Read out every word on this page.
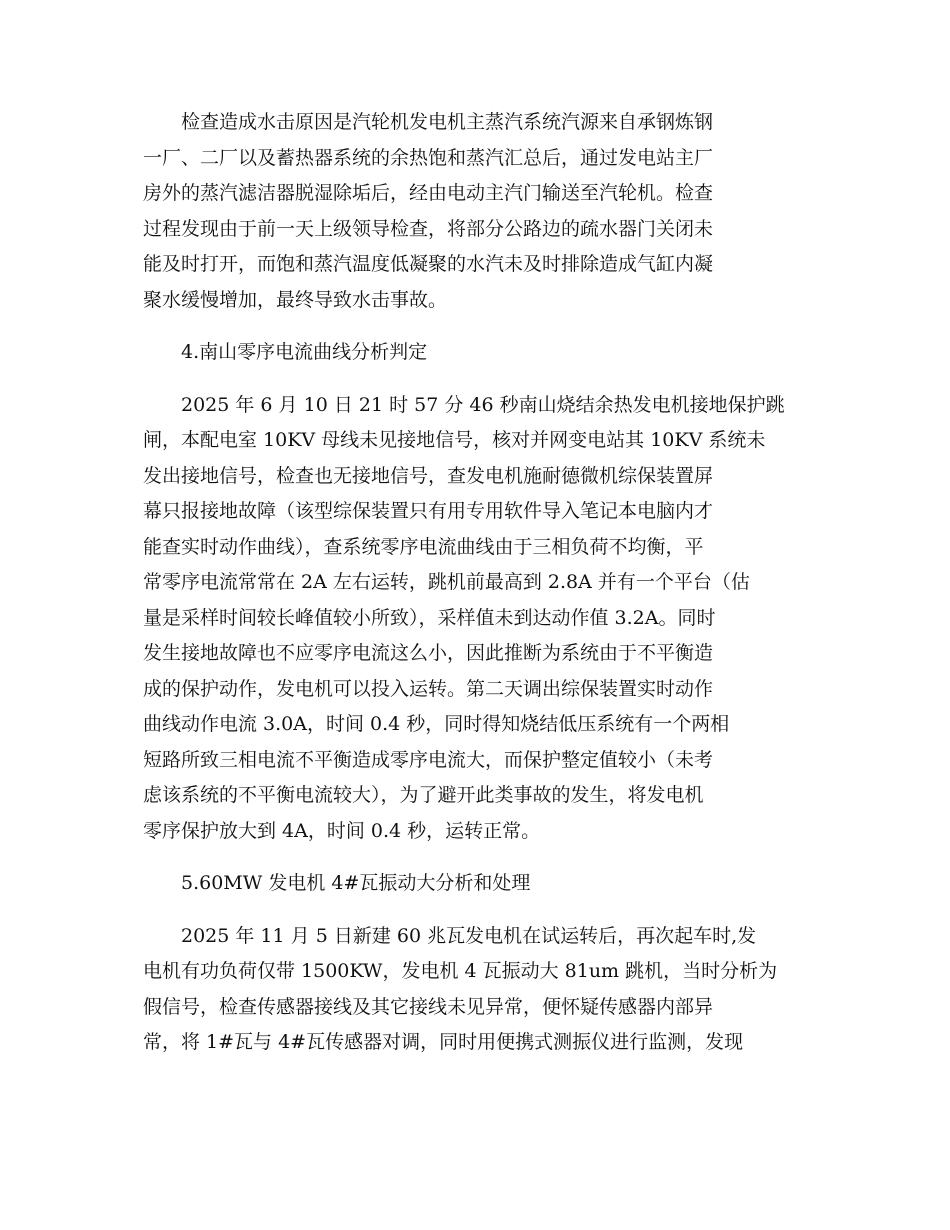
　　检查造成水击原因是汽轮机发电机主蒸汽系统汽源来自承钢炼钢

一厂、二厂以及蓄热器系统的余热饱和蒸汽汇总后，通过发电站主厂

房外的蒸汽滤洁器脱湿除垢后，经由电动主汽门输送至汽轮机。检查

过程发现由于前一天上级领导检查，将部分公路边的疏水器门关闭未

能及时打开，而饱和蒸汽温度低凝聚的水汽未及时排除造成气缸内凝

聚水缓慢增加，最终导致水击事故。

　　4.南山零序电流曲线分析判定

　　2025 年 6 月 10 日 21 时 57 分 46 秒南山烧结余热发电机接地保护跳

闸，本配电室 10KV 母线未见接地信号，核对并网变电站其 10KV 系统未

发出接地信号，检查也无接地信号，查发电机施耐德微机综保装置屏

幕只报接地故障（该型综保装置只有用专用软件导入笔记本电脑内才

能查实时动作曲线），查系统零序电流曲线由于三相负荷不均衡，平

常零序电流常常在 2A 左右运转，跳机前最高到 2.8A 并有一个平台（估

量是采样时间较长峰值较小所致），采样值未到达动作值 3.2A。同时

发生接地故障也不应零序电流这么小，因此推断为系统由于不平衡造

成的保护动作，发电机可以投入运转。第二天调出综保装置实时动作

曲线动作电流 3.0A，时间 0.4 秒，同时得知烧结低压系统有一个两相

短路所致三相电流不平衡造成零序电流大，而保护整定值较小（未考

虑该系统的不平衡电流较大），为了避开此类事故的发生，将发电机

零序保护放大到 4A，时间 0.4 秒，运转正常。

　　5.60MW 发电机 4#瓦振动大分析和处理

　　2025 年 11 月 5 日新建 60 兆瓦发电机在试运转后，再次起车时,发

电机有功负荷仅带 1500KW，发电机 4 瓦振动大 81um 跳机，当时分析为

假信号，检查传感器接线及其它接线未见异常，便怀疑传感器内部异

常，将 1#瓦与 4#瓦传感器对调，同时用便携式测振仪进行监测，发现
